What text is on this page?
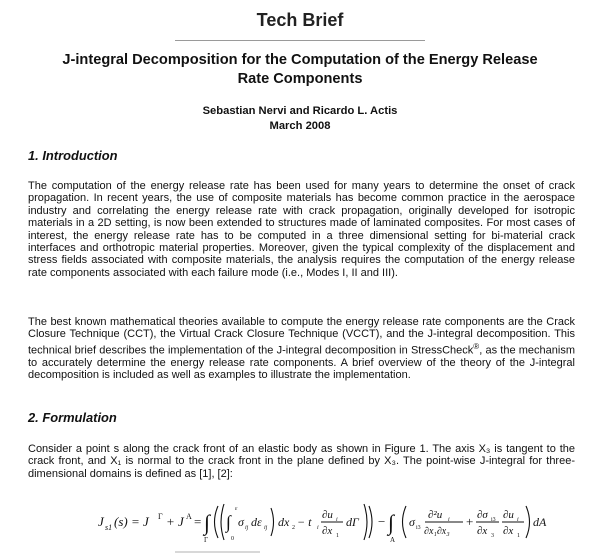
Tech Brief
J-integral Decomposition for the Computation of the Energy Release
Rate Components
Sebastian Nervi and Ricardo L. Actis
March 2008
1. Introduction
The computation of the energy release rate has been used for many years to determine the onset of crack propagation. In recent years, the use of composite materials has become common practice in the aerospace industry and correlating the energy release rate with crack propagation, originally developed for isotropic materials in a 2D setting, is now been extended to structures made of laminated composites. For most cases of interest, the energy release rate has to be computed in a three dimensional setting for bi-material crack interfaces and orthotropic material properties. Moreover, given the typical complexity of the displacement and stress fields associated with composite materials, the analysis requires the computation of the energy release rate components associated with each failure mode (i.e., Modes I, II and III).
The best known mathematical theories available to compute the energy release rate components are the Crack Closure Technique (CCT), the Virtual Crack Closure Technique (VCCT), and the J-integral decomposition. This technical brief describes the implementation of the J-integral decomposition in StressCheck®, as the mechanism to accurately determine the energy release rate components. A brief overview of the theory of the J-integral decomposition is included as well as examples to illustrate the implementation.
2. Formulation
Consider a point s along the crack front of an elastic body as shown in Figure 1. The axis X₃ is tangent to the crack front, and X₁ is normal to the crack front in the plane defined by X₃. The point-wise J-integral for three-dimensional domains is defined as [1], [2]:
J s1 (s) = J Γ + J A = ∫
Γ
∫
ε
0
σ ij dε ij dx 2 − t i
∂u i
∂x 1
dΓ − ∫
A
σ i3
∂²u i
∂x₁∂x₃
+ ∂σ i3
∂x 3
∂u i
∂x 1
dA
